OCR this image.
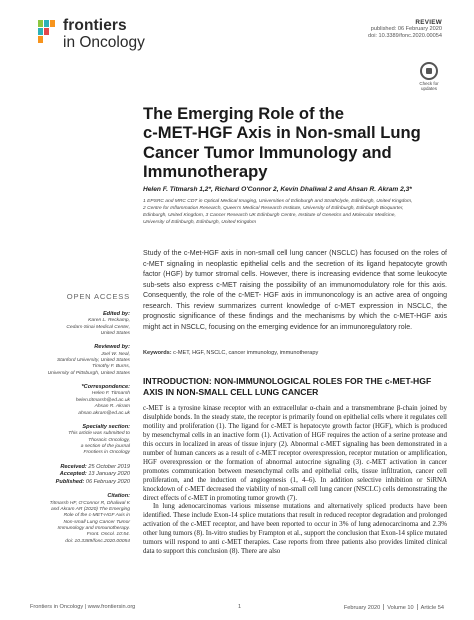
frontiers
in Oncology
REVIEW
published: 06 February 2020
doi: 10.3389/fonc.2020.00054
Check for
updates
The Emerging Role of the
c-MET-HGF Axis in Non-small Lung
Cancer Tumor Immunology and
Immunotherapy
Helen F. Titmarsh 1,2*, Richard O'Connor 2, Kevin Dhaliwal 2 and Ahsan R. Akram 2,3*
1 EPSRC and MRC CDT in Optical Medical Imaging, Universities of Edinburgh and Strathclyde, Edinburgh, United Kingdom,
2 Centre for Inflammation Research, Queen's Medical Research Institute, University of Edinburgh, Edinburgh Bioquarter,
Edinburgh, United Kingdom, 3 Cancer Research UK Edinburgh Centre, Institute of Genetics and Molecular Medicine,
University of Edinburgh, Edinburgh, United Kingdom
OPEN ACCESS
Edited by:
Karen L. Reckamp,
Cedars-Sinai Medical Center,
United States
Reviewed by:
Joel W. Neal,
Stanford University, United States
Timothy F. Burns,
University of Pittsburgh, United States
*Correspondence:
Helen F. Titmarsh
helen.titmarsh@ed.ac.uk
Ahsan R. Akram
ahsan.akram@ed.ac.uk
Specialty section:
This article was submitted to
Thoracic Oncology,
a section of the journal
Frontiers in Oncology
Received: 25 October 2019
Accepted: 13 January 2020
Published: 06 February 2020
Citation:
Titmarsh HF, O'Connor R, Dhaliwal K
and Akram AR (2020) The Emerging
Role of the c-MET-HGF Axis in
Non-small Lung Cancer Tumor
Immunology and Immunotherapy.
Front. Oncol. 10:54.
doi: 10.3389/fonc.2020.00054

Study of the c-Met-HGF axis in non-small cell lung cancer (NSCLC) has focused on the roles of c-MET signaling in neoplastic epithelial cells and the secretion of its ligand hepatocyte growth factor (HGF) by tumor stromal cells. However, there is increasing evidence that some leukocyte sub-sets also express c-MET raising the possibility of an immunomodulatory role for this axis. Consequently, the role of the c-MET- HGF axis in immunoncology is an active area of ongoing research. This review summarizes current knowledge of c-MET expression in NSCLC, the prognostic significance of these findings and the mechanisms by which the c-MET-HGF axis might act in NSCLC, focusing on the emerging evidence for an immunoregulatory role.

Keywords: c-MET, HGF, NSCLC, cancer immunology, immunotherapy
INTRODUCTION: NON-IMMUNOLOGICAL ROLES FOR THE c-MET-HGF AXIS IN NON-SMALL CELL LUNG CANCER

c-MET is a tyrosine kinase receptor with an extracellular α-chain and a transmembrane β-chain joined by disulphide bonds. In the steady state, the receptor is primarily found on epithelial cells where it regulates cell motility and proliferation (1). The ligand for c-MET is hepatocyte growth factor (HGF), which is produced by mesenchymal cells in an inactive form (1). Activation of HGF requires the action of a serine protease and this occurs in localized in areas of tissue injury (2). Abnormal c-MET signaling has been demonstrated in a number of human cancers as a result of c-MET receptor overexpression, receptor mutation or amplification, HGF overexpression or the formation of abnormal autocrine signaling (3). c-MET activation in cancer promotes communication between mesenchymal cells and epithelial cells, tissue infiltration, cancer cell proliferation, and the induction of angiogenesis (1, 4–6). In addition selective inhibition or SiRNA knockdown of c-MET decreased the viability of non-small cell lung cancer (NSCLC) cells demonstrating the direct effects of c-MET in promoting tumor growth (7).

In lung adenocarcinomas various missense mutations and alternatively spliced products have been identified. These include Exon-14 splice mutations that result in reduced receptor degradation and prolonged activation of the c-MET receptor, and have been reported to occur in 3% of lung adenocarcinoma and 2.3% other lung tumors (8). In-vitro studies by Frampton et al., support the conclusion that Exon-14 splice mutated tumors will respond to anti c-MET therapies. Case reports from three patients also provides limited clinical data to support this conclusion (8). There are also

Frontiers in Oncology | www.frontiersin.org	1	February 2020 Volume 10 Article 54
